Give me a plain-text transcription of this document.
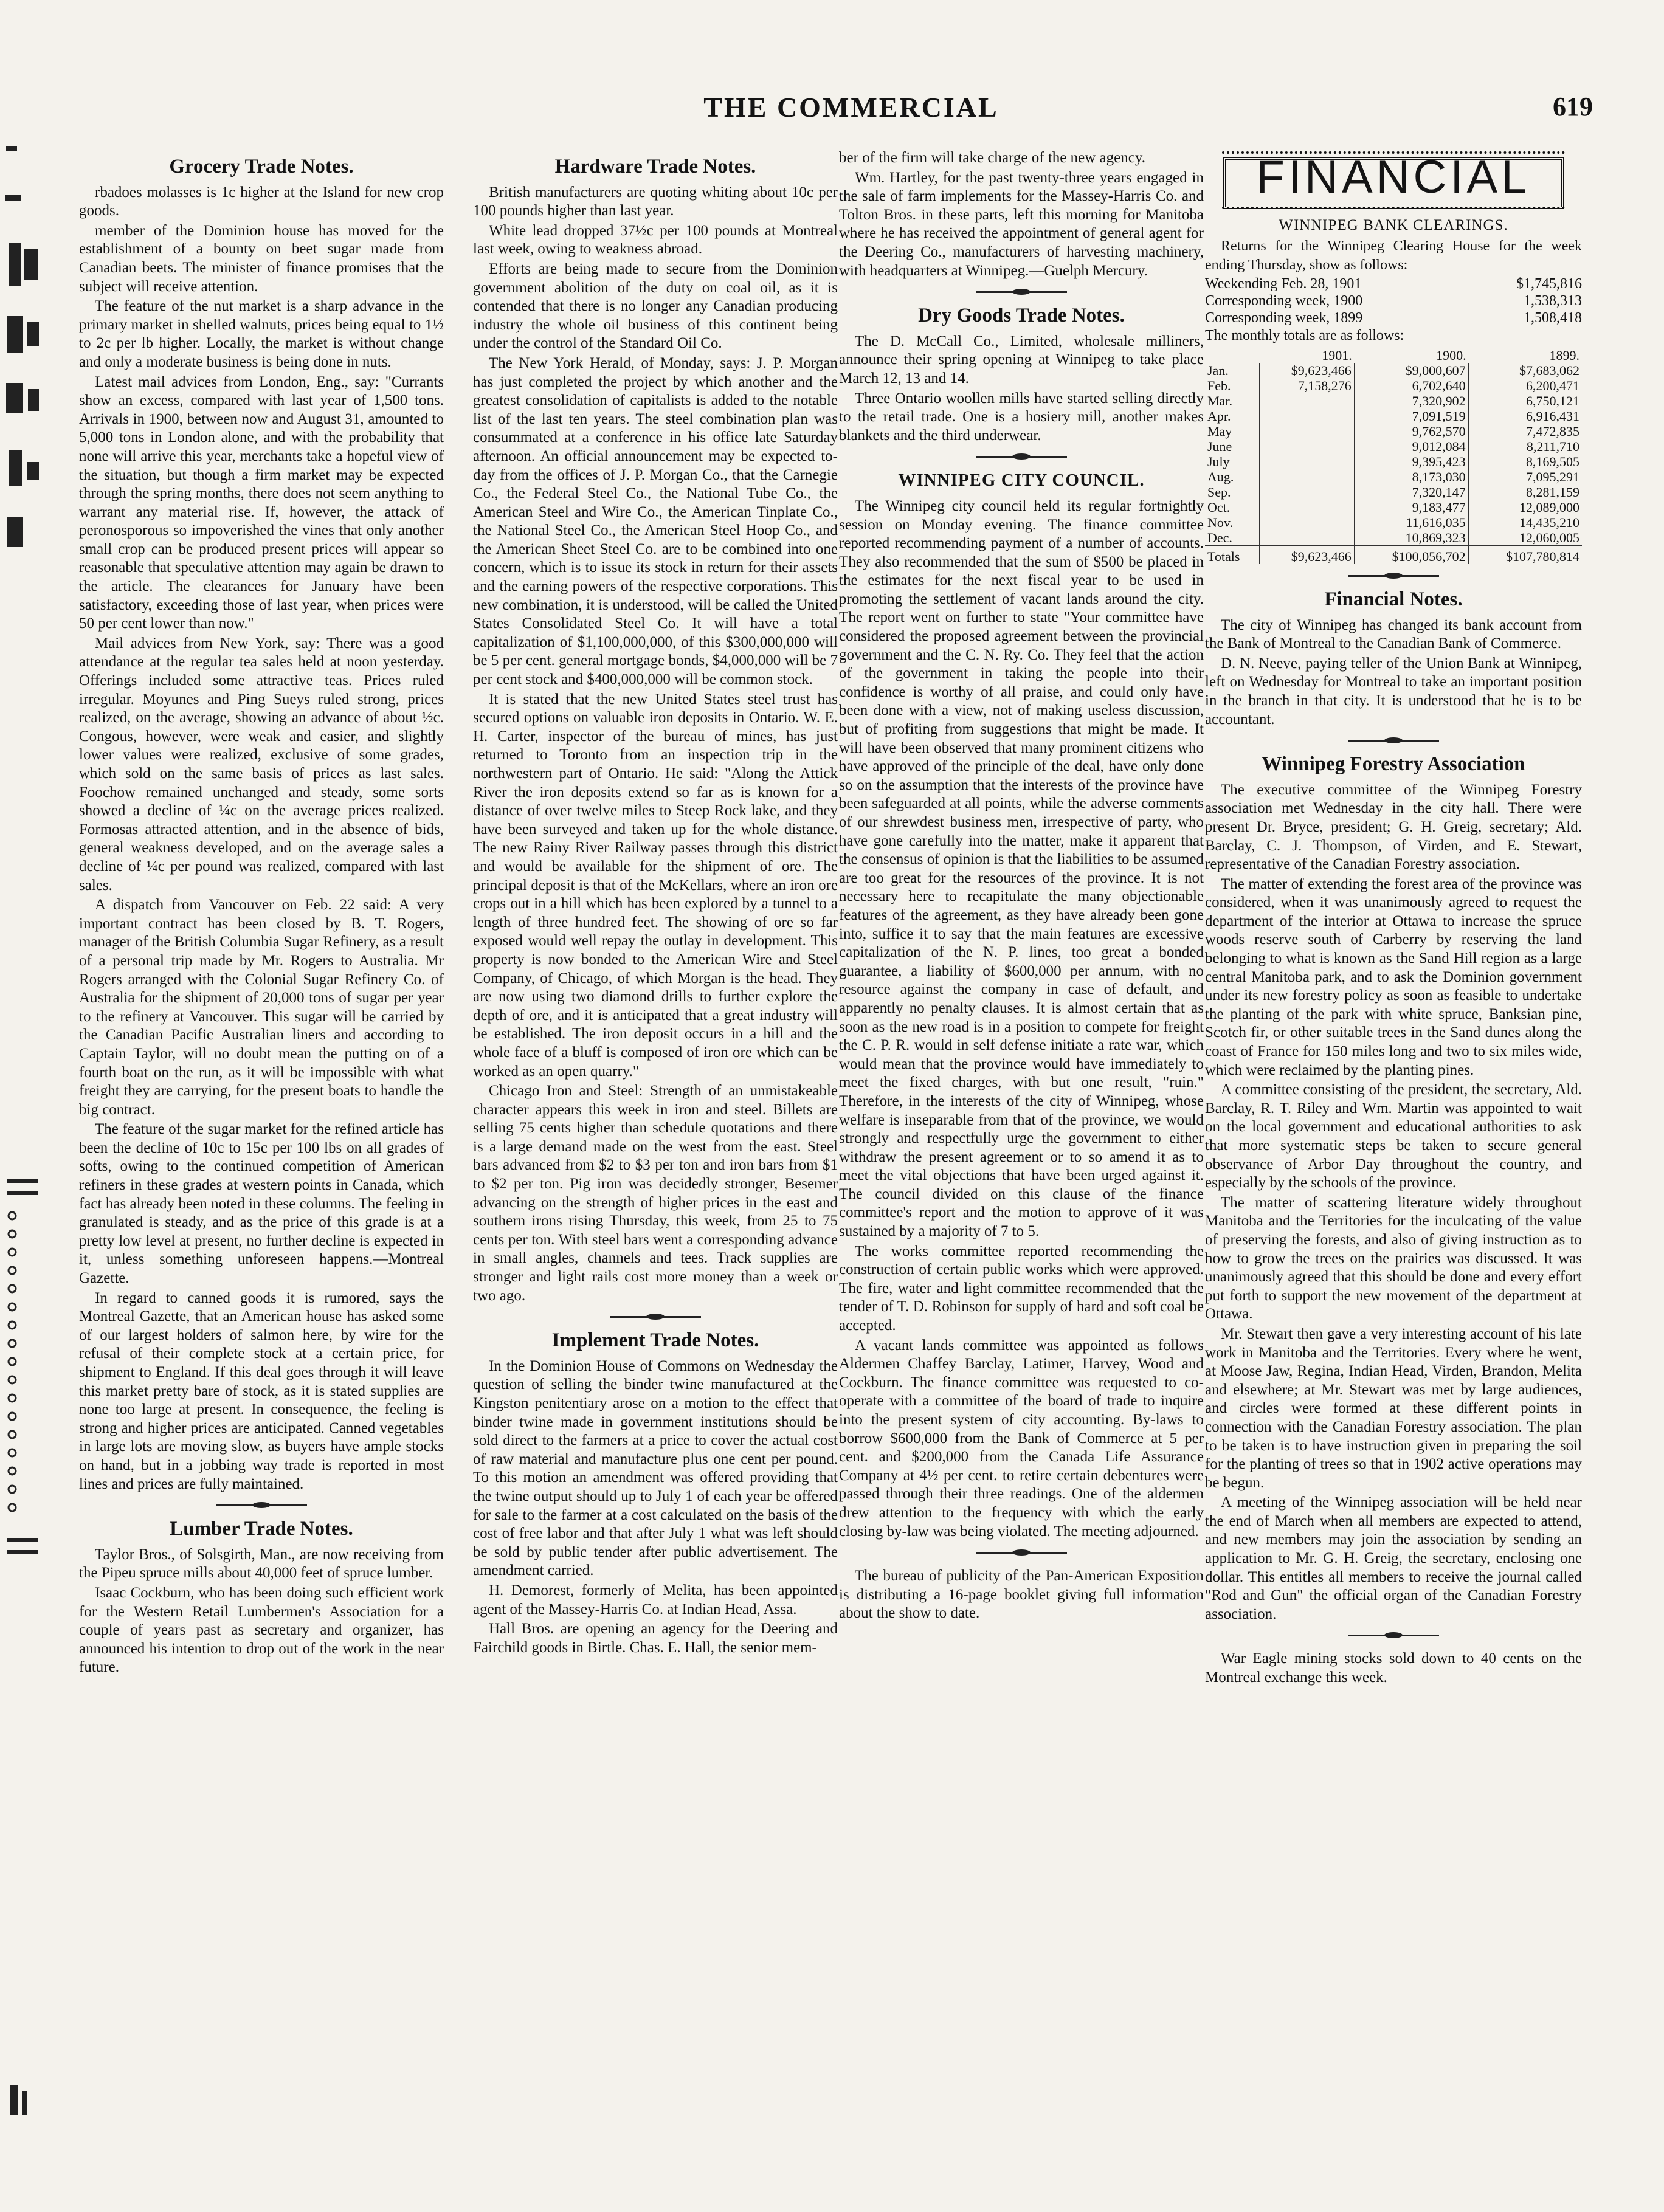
THE COMMERCIAL	619
Grocery Trade Notes.

rbadoes molasses is 1c higher at the Island for new crop goods.

member of the Dominion house has moved for the establishment of a bounty on beet sugar made from Canadian beets. The minister of finance promises that the subject will receive attention.

The feature of the nut market is a sharp advance in the primary market in shelled walnuts, prices being equal to 1½ to 2c per lb higher. Locally, the market is without change and only a moderate business is being done in nuts.

Latest mail advices from London, Eng., say: "Currants show an excess, compared with last year of 1,500 tons. Arrivals in 1900, between now and August 31, amounted to 5,000 tons in London alone, and with the probability that none will arrive this year, merchants take a hopeful view of the situation, but though a firm market may be expected through the spring months, there does not seem anything to warrant any material rise. If, however, the attack of peronosporous so impoverished the vines that only another small crop can be produced present prices will appear so reasonable that speculative attention may again be drawn to the article. The clearances for January have been satisfactory, exceeding those of last year, when prices were 50 per cent lower than now."

Mail advices from New York, say: There was a good attendance at the regular tea sales held at noon yesterday. Offerings included some attractive teas. Prices ruled irregular. Moyunes and Ping Sueys ruled strong, prices realized, on the average, showing an advance of about ½c. Congous, however, were weak and easier, and slightly lower values were realized, exclusive of some grades, which sold on the same basis of prices as last sales. Foochow remained unchanged and steady, some sorts showed a decline of ¼c on the average prices realized. Formosas attracted attention, and in the absence of bids, general weakness developed, and on the average sales a decline of ¼c per pound was realized, compared with last sales.

A dispatch from Vancouver on Feb. 22 said: A very important contract has been closed by B. T. Rogers, manager of the British Columbia Sugar Refinery, as a result of a personal trip made by Mr. Rogers to Australia. Mr Rogers arranged with the Colonial Sugar Refinery Co. of Australia for the shipment of 20,000 tons of sugar per year to the refinery at Vancouver. This sugar will be carried by the Canadian Pacific Australian liners and according to Captain Taylor, will no doubt mean the putting on of a fourth boat on the run, as it will be impossible with what freight they are carrying, for the present boats to handle the big contract.

The feature of the sugar market for the refined article has been the decline of 10c to 15c per 100 lbs on all grades of softs, owing to the continued competition of American refiners in these grades at western points in Canada, which fact has already been noted in these columns. The feeling in granulated is steady, and as the price of this grade is at a pretty low level at present, no further decline is expected in it, unless something unforeseen happens.—Montreal Gazette.

In regard to canned goods it is rumored, says the Montreal Gazette, that an American house has asked some of our largest holders of salmon here, by wire for the refusal of their complete stock at a certain price, for shipment to England. If this deal goes through it will leave this market pretty bare of stock, as it is stated supplies are none too large at present. In consequence, the feeling is strong and higher prices are anticipated. Canned vegetables in large lots are moving slow, as buyers have ample stocks on hand, but in a jobbing way trade is reported in most lines and prices are fully maintained.

Lumber Trade Notes.

Taylor Bros., of Solsgirth, Man., are now receiving from the Pipeu spruce mills about 40,000 feet of spruce lumber.

Isaac Cockburn, who has been doing such efficient work for the Western Retail Lumbermen's Association for a couple of years past as secretary and organizer, has announced his intention to drop out of the work in the near future.

Hardware Trade Notes.

British manufacturers are quoting whiting about 10c per 100 pounds higher than last year.

White lead dropped 37½c per 100 pounds at Montreal last week, owing to weakness abroad.

Efforts are being made to secure from the Dominion government abolition of the duty on coal oil, as it is contended that there is no longer any Canadian producing industry the whole oil business of this continent being under the control of the Standard Oil Co.

The New York Herald, of Monday, says: J. P. Morgan has just completed the project by which another and the greatest consolidation of capitalists is added to the notable list of the last ten years. The steel combination plan was consummated at a conference in his office late Saturday afternoon. An official announcement may be expected to-day from the offices of J. P. Morgan Co., that the Carnegie Co., the Federal Steel Co., the National Tube Co., the American Steel and Wire Co., the American Tinplate Co., the National Steel Co., the American Steel Hoop Co., and the American Sheet Steel Co. are to be combined into one concern, which is to issue its stock in return for their assets and the earning powers of the respective corporations. This new combination, it is understood, will be called the United States Consolidated Steel Co. It will have a total capitalization of $1,100,000,000, of this $300,000,000 will be 5 per cent. general mortgage bonds, $4,000,000 will be 7 per cent stock and $400,000,000 will be common stock.

It is stated that the new United States steel trust has secured options on valuable iron deposits in Ontario. W. E. H. Carter, inspector of the bureau of mines, has just returned to Toronto from an inspection trip in the northwestern part of Ontario. He said: "Along the Attick River the iron deposits extend so far as is known for a distance of over twelve miles to Steep Rock lake, and they have been surveyed and taken up for the whole distance. The new Rainy River Railway passes through this district and would be available for the shipment of ore. The principal deposit is that of the McKellars, where an iron ore crops out in a hill which has been explored by a tunnel to a length of three hundred feet. The showing of ore so far exposed would well repay the outlay in development. This property is now bonded to the American Wire and Steel Company, of Chicago, of which Morgan is the head. They are now using two diamond drills to further explore the depth of ore, and it is anticipated that a great industry will be established. The iron deposit occurs in a hill and the whole face of a bluff is composed of iron ore which can be worked as an open quarry."

Chicago Iron and Steel: Strength of an unmistakeable character appears this week in iron and steel. Billets are selling 75 cents higher than schedule quotations and there is a large demand made on the west from the east. Steel bars advanced from $2 to $3 per ton and iron bars from $1 to $2 per ton. Pig iron was decidedly stronger, Besemer advancing on the strength of higher prices in the east and southern irons rising Thursday, this week, from 25 to 75 cents per ton. With steel bars went a corresponding advance in small angles, channels and tees. Track supplies are stronger and light rails cost more money than a week or two ago.

Implement Trade Notes.

In the Dominion House of Commons on Wednesday the question of selling the binder twine manufactured at the Kingston penitentiary arose on a motion to the effect that binder twine made in government institutions should be sold direct to the farmers at a price to cover the actual cost of raw material and manufacture plus one cent per pound. To this motion an amendment was offered providing that the twine output should up to July 1 of each year be offered for sale to the farmer at a cost calculated on the basis of the cost of free labor and that after July 1 what was left should be sold by public tender after public advertisement. The amendment carried.

H. Demorest, formerly of Melita, has been appointed agent of the Massey-Harris Co. at Indian Head, Assa.

Hall Bros. are opening an agency for the Deering and Fairchild goods in Birtle. Chas. E. Hall, the senior mem-

ber of the firm will take charge of the new agency.

Wm. Hartley, for the past twenty-three years engaged in the sale of farm implements for the Massey-Harris Co. and Tolton Bros. in these parts, left this morning for Manitoba where he has received the appointment of general agent for the Deering Co., manufacturers of harvesting machinery, with headquarters at Winnipeg.—Guelph Mercury.

Dry Goods Trade Notes.

The D. McCall Co., Limited, wholesale milliners, announce their spring opening at Winnipeg to take place March 12, 13 and 14.

Three Ontario woollen mills have started selling directly to the retail trade. One is a hosiery mill, another makes blankets and the third underwear.

WINNIPEG CITY COUNCIL.

The Winnipeg city council held its regular fortnightly session on Monday evening. The finance committee reported recommending payment of a number of accounts. They also recommended that the sum of $500 be placed in the estimates for the next fiscal year to be used in promoting the settlement of vacant lands around the city. The report went on further to state "Your committee have considered the proposed agreement between the provincial government and the C. N. Ry. Co. They feel that the action of the government in taking the people into their confidence is worthy of all praise, and could only have been done with a view, not of making useless discussion, but of profiting from suggestions that might be made. It will have been observed that many prominent citizens who have approved of the principle of the deal, have only done so on the assumption that the interests of the province have been safeguarded at all points, while the adverse comments of our shrewdest business men, irrespective of party, who have gone carefully into the matter, make it apparent that the consensus of opinion is that the liabilities to be assumed are too great for the resources of the province. It is not necessary here to recapitulate the many objectionable features of the agreement, as they have already been gone into, suffice it to say that the main features are excessive capitalization of the N. P. lines, too great a bonded guarantee, a liability of $600,000 per annum, with no resource against the company in case of default, and apparently no penalty clauses. It is almost certain that as soon as the new road is in a position to compete for freight the C. P. R. would in self defense initiate a rate war, which would mean that the province would have immediately to meet the fixed charges, with but one result, "ruin." Therefore, in the interests of the city of Winnipeg, whose welfare is inseparable from that of the province, we would strongly and respectfully urge the government to either withdraw the present agreement or to so amend it as to meet the vital objections that have been urged against it. The council divided on this clause of the finance committee's report and the motion to approve of it was sustained by a majority of 7 to 5.

The works committee reported recommending the construction of certain public works which were approved. The fire, water and light committee recommended that the tender of T. D. Robinson for supply of hard and soft coal be accepted.

A vacant lands committee was appointed as follows Aldermen Chaffey Barclay, Latimer, Harvey, Wood and Cockburn. The finance committee was requested to co-operate with a committee of the board of trade to inquire into the present system of city accounting. By-laws to borrow $600,000 from the Bank of Commerce at 5 per cent. and $200,000 from the Canada Life Assurance Company at 4½ per cent. to retire certain debentures were passed through their three readings. One of the aldermen drew attention to the frequency with which the early closing by-law was being violated. The meeting adjourned.

The bureau of publicity of the Pan-American Exposition is distributing a 16-page booklet giving full information about the show to date.

FINANCIAL
WINNIPEG BANK CLEARINGS.

Returns for the Winnipeg Clearing House for the week ending Thursday, show as follows:

Weekending Feb. 28, 1901	$1,745,816
Corresponding week, 1900	1,538,313
Corresponding week, 1899	1,508,418

The monthly totals are as follows:

	1901.	1900.	1899.
Jan.	$9,623,466	$9,000,607	$7,683,062
Feb.	7,158,276	6,702,640	6,200,471
Mar.		7,320,902	6,750,121
Apr.		7,091,519	6,916,431
May		9,762,570	7,472,835
June		9,012,084	8,211,710
July		9,395,423	8,169,505
Aug.		8,173,030	7,095,291
Sep.		7,320,147	8,281,159
Oct.		9,183,477	12,089,000
Nov.		11,616,035	14,435,210
Dec.		10,869,323	12,060,005
Totals	$9,623,466	$100,056,702	$107,780,814
Financial Notes.

The city of Winnipeg has changed its bank account from the Bank of Montreal to the Canadian Bank of Commerce.

D. N. Neeve, paying teller of the Union Bank at Winnipeg, left on Wednesday for Montreal to take an important position in the branch in that city. It is understood that he is to be accountant.

Winnipeg Forestry Association

The executive committee of the Winnipeg Forestry association met Wednesday in the city hall. There were present Dr. Bryce, president; G. H. Greig, secretary; Ald. Barclay, C. J. Thompson, of Virden, and E. Stewart, representative of the Canadian Forestry association.

The matter of extending the forest area of the province was considered, when it was unanimously agreed to request the department of the interior at Ottawa to increase the spruce woods reserve south of Carberry by reserving the land belonging to what is known as the Sand Hill region as a large central Manitoba park, and to ask the Dominion government under its new forestry policy as soon as feasible to undertake the planting of the park with white spruce, Banksian pine, Scotch fir, or other suitable trees in the Sand dunes along the coast of France for 150 miles long and two to six miles wide, which were reclaimed by the planting pines.

A committee consisting of the president, the secretary, Ald. Barclay, R. T. Riley and Wm. Martin was appointed to wait on the local government and educational authorities to ask that more systematic steps be taken to secure general observance of Arbor Day throughout the country, and especially by the schools of the province.

The matter of scattering literature widely throughout Manitoba and the Territories for the inculcating of the value of preserving the forests, and also of giving instruction as to how to grow the trees on the prairies was discussed. It was unanimously agreed that this should be done and every effort put forth to support the new movement of the department at Ottawa.

Mr. Stewart then gave a very interesting account of his late work in Manitoba and the Territories. Every where he went, at Moose Jaw, Regina, Indian Head, Virden, Brandon, Melita and elsewhere; at Mr. Stewart was met by large audiences, and circles were formed at these different points in connection with the Canadian Forestry association. The plan to be taken is to have instruction given in preparing the soil for the planting of trees so that in 1902 active operations may be begun.

A meeting of the Winnipeg association will be held near the end of March when all members are expected to attend, and new members may join the association by sending an application to Mr. G. H. Greig, the secretary, enclosing one dollar. This entitles all members to receive the journal called "Rod and Gun" the official organ of the Canadian Forestry association.

War Eagle mining stocks sold down to 40 cents on the Montreal exchange this week.
